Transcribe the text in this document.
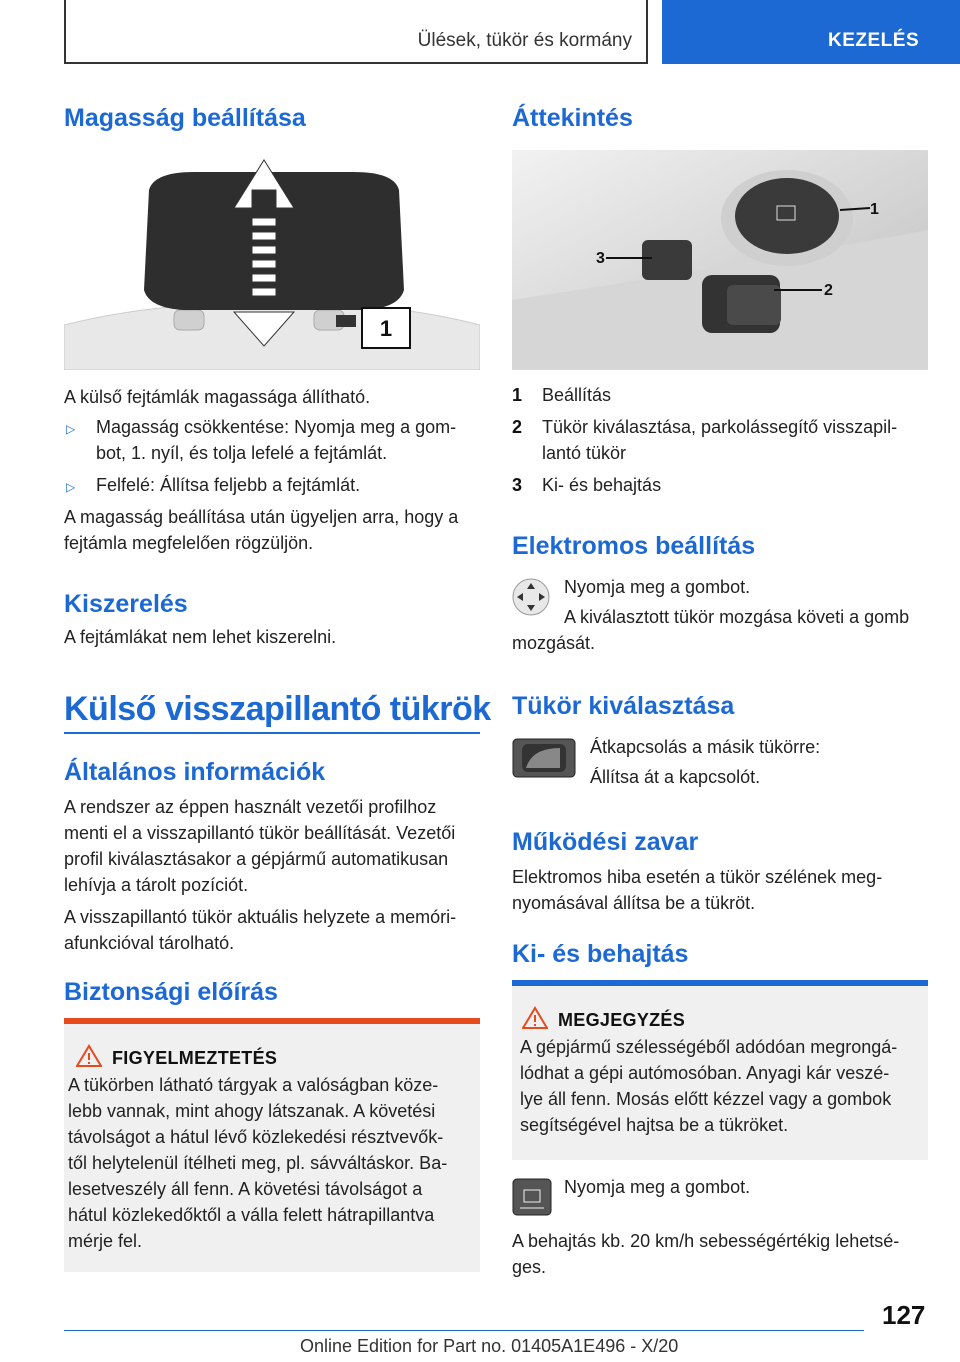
Ülések, tükör és kormány	KEZELÉS
Magasság beállítása
1
A külső fejtámlák magassága állítható.
▷ Magasság csökkentése: Nyomja meg a gom-
bot, 1. nyíl, és tolja lefelé a fejtámlát.
▷ Felfelé: Állítsa feljebb a fejtámlát.
A magasság beállítása után ügyeljen arra, hogy a
fejtámla megfelelően rögzüljön.
Kiszerelés
A fejtámlákat nem lehet kiszerelni.
Külső visszapillantó tükrök
Általános információk
A rendszer az éppen használt vezetői profilhoz
menti el a visszapillantó tükör beállítását. Vezetői
profil kiválasztásakor a gépjármű automatikusan
lehívja a tárolt pozíciót.
A visszapillantó tükör aktuális helyzete a memóri-
afunkcióval tárolható.
Biztonsági előírás
FIGYELMEZTETÉS
A tükörben látható tárgyak a valóságban köze-
lebb vannak, mint ahogy látszanak. A követési
távolságot a hátul lévő közlekedési résztvevők-
től helytelenül ítélheti meg, pl. sávváltáskor. Ba-
lesetveszély áll fenn. A követési távolságot a
hátul közlekedőktől a válla felett hátrapillantva
mérje fel.
Áttekintés
1
2
3
1 Beállítás
2 Tükör kiválasztása, parkolássegítő visszapil-
lantó tükör
3 Ki- és behajtás
Elektromos beállítás
Nyomja meg a gombot.
A kiválasztott tükör mozgása követi a gomb
mozgását.
Tükör kiválasztása
Átkapcsolás a másik tükörre:
Állítsa át a kapcsolót.
Működési zavar
Elektromos hiba esetén a tükör szélének meg-
nyomásával állítsa be a tükröt.
Ki- és behajtás
MEGJEGYZÉS
A gépjármű szélességéből adódóan megrongá-
lódhat a gépi autómosóban. Anyagi kár veszé-
lye áll fenn. Mosás előtt kézzel vagy a gombok
segítségével hajtsa be a tükröket.
Nyomja meg a gombot.
A behajtás kb. 20 km/h sebességértékig lehetsé-
ges.
127
Online Edition for Part no. 01405A1E496 - X/20
